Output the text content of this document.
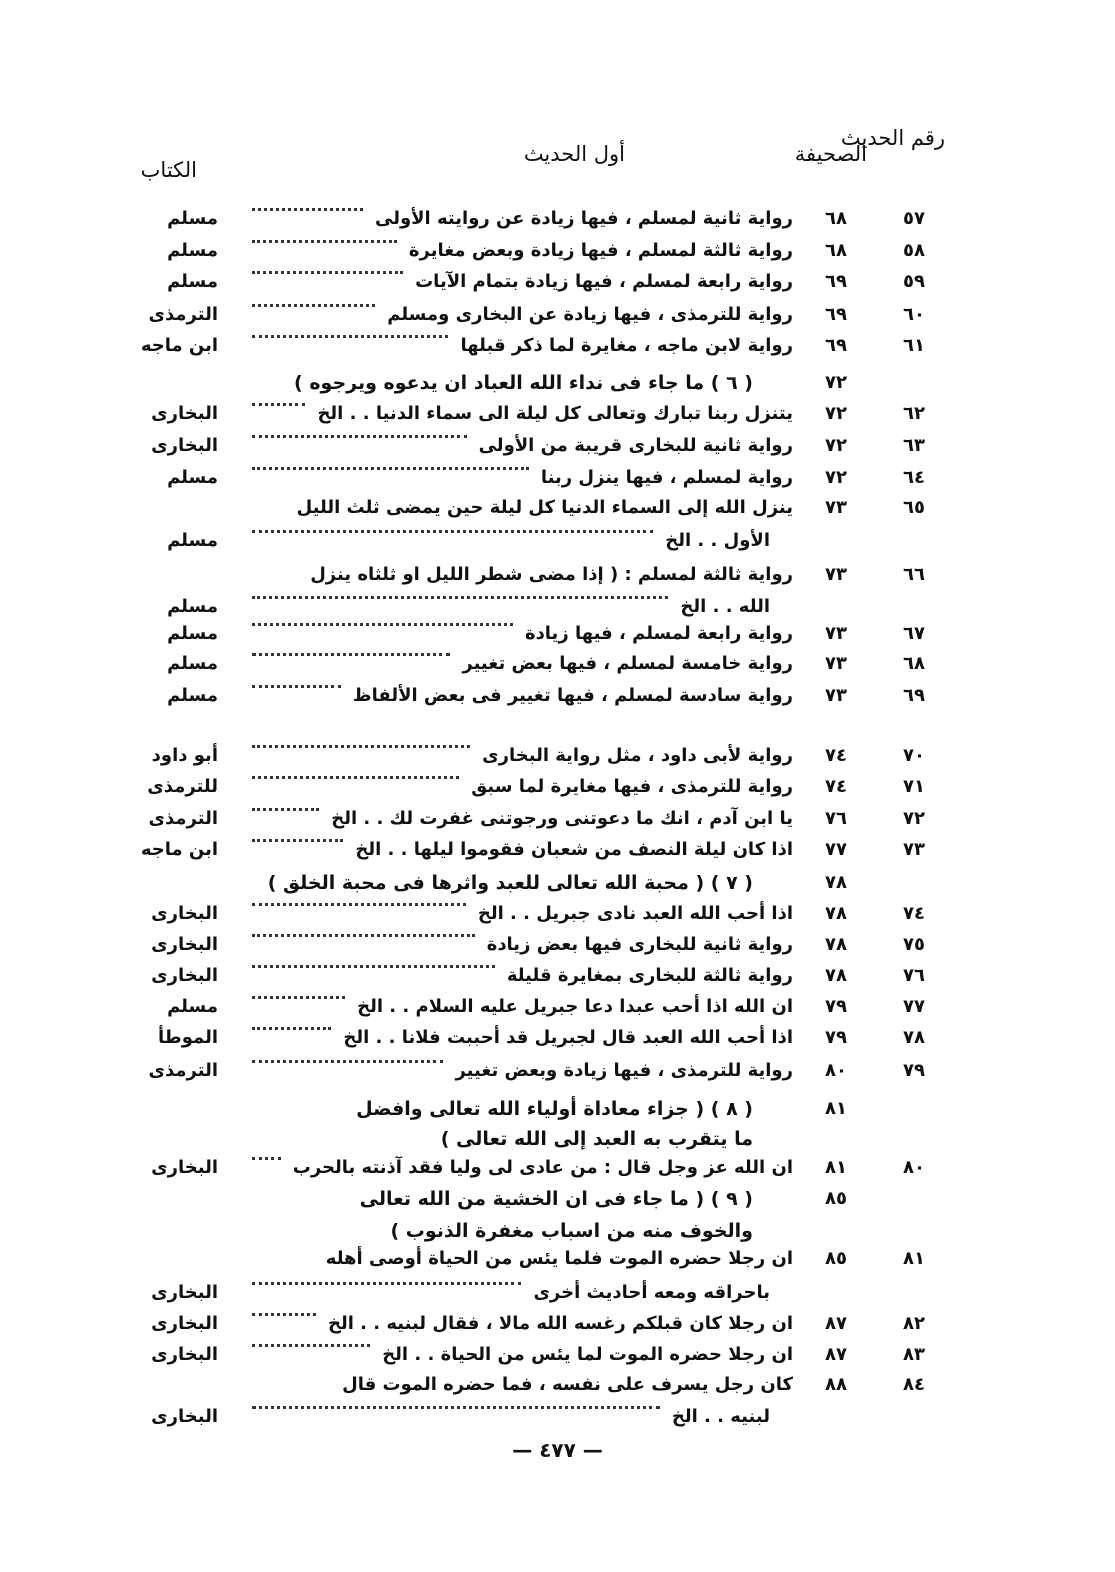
رقم الحديث
الصحيفة
أول الحديث
الكتاب
٥٧
٦٨
رواية ثانية لمسلم ، فيها زيادة عن روايته الأولى
مسلم
٥٨
٦٨
رواية ثالثة لمسلم ، فيها زيادة وبعض مغايرة
مسلم
٥٩
٦٩
رواية رابعة لمسلم ، فيها زيادة بتمام الآيات
مسلم
٦٠
٦٩
رواية للترمذى ، فيها زيادة عن البخارى ومسلم
الترمذى
٦١
٦٩
رواية لابن ماجه ، مغايرة لما ذكر قبلها
ابن ماجه
٧٢
( ٦ ) ما جاء فى نداء الله العباد ان يدعوه ويرجوه )
٦٢
٧٢
يتنزل ربنا تبارك وتعالى كل ليلة الى سماء الدنيا . . الخ
البخارى
٦٣
٧٢
رواية ثانية للبخارى قريبة من الأولى
البخارى
٦٤
٧٢
رواية لمسلم ، فيها ينزل ربنا
مسلم
٦٥
٧٣
ينزل الله إلى السماء الدنيا كل ليلة حين يمضى ثلث الليل
الأول . . الخ
مسلم
٦٦
٧٣
رواية ثالثة لمسلم : ( إذا مضى شطر الليل او ثلثاه ينزل
الله . . الخ
مسلم
٦٧
٧٣
رواية رابعة لمسلم ، فيها زيادة
مسلم
٦٨
٧٣
رواية خامسة لمسلم ، فيها بعض تغيير
مسلم
٦٩
٧٣
رواية سادسة لمسلم ، فيها تغيير فى بعض الألفاظ
مسلم
٧٠
٧٤
رواية لأبى داود ، مثل رواية البخارى
أبو داود
٧١
٧٤
رواية للترمذى ، فيها مغايرة لما سبق
للترمذى
٧٢
٧٦
يا ابن آدم ، انك ما دعوتنى ورجوتنى غفرت لك . . الخ
الترمذى
٧٣
٧٧
اذا كان ليلة النصف من شعبان فقوموا ليلها . . الخ
ابن ماجه
٧٨
( ٧ ) ( محبة الله تعالى للعبد واثرها فى محبة الخلق )
٧٤
٧٨
اذا أحب الله العبد نادى جبريل . . الخ
البخارى
٧٥
٧٨
رواية ثانية للبخارى فيها بعض زيادة
البخارى
٧٦
٧٨
رواية ثالثة للبخارى بمغايرة قليلة
البخارى
٧٧
٧٩
ان الله اذا أحب عبدا دعا جبريل عليه السلام . . الخ
مسلم
٧٨
٧٩
اذا أحب الله العبد قال لجبريل قد أحببت فلانا . . الخ
الموطأ
٧٩
٨٠
رواية للترمذى ، فيها زيادة وبعض تغيير
الترمذى
٨١
( ٨ ) ( جزاء معاداة أولياء الله تعالى وافضل
ما يتقرب به العبد إلى الله تعالى )
٨٠
٨١
ان الله عز وجل قال : من عادى لى وليا فقد آذنته بالحرب
البخارى
٨٥
( ٩ ) ( ما جاء فى ان الخشية من الله تعالى
والخوف منه من اسباب مغفرة الذنوب )
٨١
٨٥
ان رجلا حضره الموت فلما يئس من الحياة أوصى أهله
باحراقه ومعه أحاديث أخرى
البخارى
٨٢
٨٧
ان رجلا كان قبلكم رغسه الله مالا ، فقال لبنيه . . الخ
البخارى
٨٣
٨٧
ان رجلا حضره الموت لما يئس من الحياة . . الخ
البخارى
٨٤
٨٨
كان رجل يسرف على نفسه ، فما حضره الموت قال
لبنيه . . الخ
البخارى
— ٤٧٧ —
